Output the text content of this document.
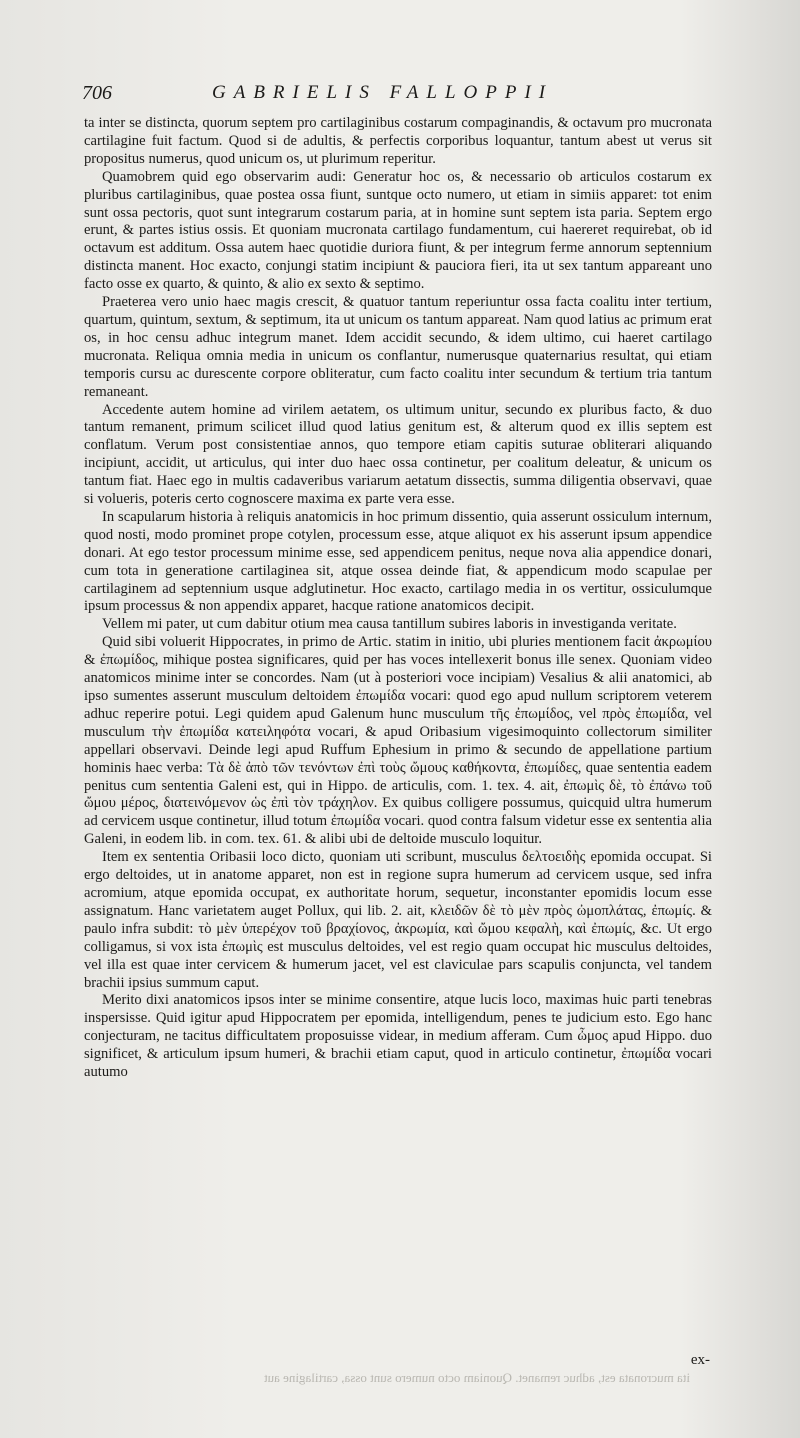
706	GABRIELIS FALLOPPII

ta inter se distincta, quorum septem pro cartilaginibus costarum compaginandis, & octavum pro mucronata cartilagine fuit factum. Quod si de adultis, & perfectis corporibus loquantur, tantum abest ut verus sit propositus numerus, quod unicum os, ut plurimum reperitur.

Quamobrem quid ego observarim audi: Generatur hoc os, & necessario ob articulos costarum ex pluribus cartilaginibus, quae postea ossa fiunt, suntque octo numero, ut etiam in simiis apparet: tot enim sunt ossa pectoris, quot sunt integrarum costarum paria, at in homine sunt septem ista paria. Septem ergo erunt, & partes istius ossis. Et quoniam mucronata cartilago fundamentum, cui haereret requirebat, ob id octavum est additum. Ossa autem haec quotidie duriora fiunt, & per integrum ferme annorum septennium distincta manent. Hoc exacto, conjungi statim incipiunt & pauciora fieri, ita ut sex tantum appareant uno facto osse ex quarto, & quinto, & alio ex sexto & septimo.

Praeterea vero unio haec magis crescit, & quatuor tantum reperiuntur ossa facta coalitu inter tertium, quartum, quintum, sextum, & septimum, ita ut unicum os tantum appareat. Nam quod latius ac primum erat os, in hoc censu adhuc integrum manet. Idem accidit secundo, & idem ultimo, cui haeret cartilago mucronata. Reliqua omnia media in unicum os conflantur, numerusque quaternarius resultat, qui etiam temporis cursu ac durescente corpore obliteratur, cum facto coalitu inter secundum & tertium tria tantum remaneant.

Accedente autem homine ad virilem aetatem, os ultimum unitur, secundo ex pluribus facto, & duo tantum remanent, primum scilicet illud quod latius genitum est, & alterum quod ex illis septem est conflatum. Verum post consistentiae annos, quo tempore etiam capitis suturae obliterari aliquando incipiunt, accidit, ut articulus, qui inter duo haec ossa continetur, per coalitum deleatur, & unicum os tantum fiat. Haec ego in multis cadaveribus variarum aetatum dissectis, summa diligentia observavi, quae si volueris, poteris certo cognoscere maxima ex parte vera esse.

In scapularum historia à reliquis anatomicis in hoc primum dissentio, quia asserunt ossiculum internum, quod nosti, modo prominet prope cotylen, processum esse, atque aliquot ex his asserunt ipsum appendice donari. At ego testor processum minime esse, sed appendicem penitus, neque nova alia appendice donari, cum tota in generatione cartilaginea sit, atque ossea deinde fiat, & appendicum modo scapulae per cartilaginem ad septennium usque adglutinetur. Hoc exacto, cartilago media in os vertitur, ossiculumque ipsum processus & non appendix apparet, hacque ratione anatomicos decipit.

Vellem mi pater, ut cum dabitur otium mea causa tantillum subires laboris in investiganda veritate.

Quid sibi voluerit Hippocrates, in primo de Artic. statim in initio, ubi pluries mentionem facit ἀκρωμίου & ἐπωμίδος, mihique postea significares, quid per has voces intellexerit bonus ille senex. Quoniam video anatomicos minime inter se concordes. Nam (ut à posteriori voce incipiam) Vesalius & alii anatomici, ab ipso sumentes asserunt musculum deltoidem ἐπωμίδα vocari: quod ego apud nullum scriptorem veterem adhuc reperire potui. Legi quidem apud Galenum hunc musculum τῆς ἐπωμίδος, vel πρὸς ἐπωμίδα, vel musculum τὴν ἐπωμίδα κατειληφότα vocari, & apud Oribasium vigesimoquinto collectorum similiter appellari observavi. Deinde legi apud Ruffum Ephesium in primo & secundo de appellatione partium hominis haec verba: Τὰ δὲ ἀπὸ τῶν τενόντων ἐπὶ τοὺς ὤμους καθήκοντα, ἐπωμίδες, quae sententia eadem penitus cum sententia Galeni est, qui in Hippo. de articulis, com. 1. tex. 4. ait, ἐπωμὶς δὲ, τὸ ἐπάνω τοῦ ὤμου μέρος, διατεινόμενον ὡς ἐπὶ τὸν τράχηλον. Ex quibus colligere possumus, quicquid ultra humerum ad cervicem usque continetur, illud totum ἐπωμίδα vocari. quod contra falsum videtur esse ex sententia alia Galeni, in eodem lib. in com. tex. 61. & alibi ubi de deltoide musculo loquitur.

Item ex sententia Oribasii loco dicto, quoniam uti scribunt, musculus δελτοειδὴς epomida occupat. Si ergo deltoides, ut in anatome apparet, non est in regione supra humerum ad cervicem usque, sed infra acromium, atque epomida occupat, ex authoritate horum, sequetur, inconstanter epomidis locum esse assignatum. Hanc varietatem auget Pollux, qui lib. 2. ait, κλειδῶν δὲ τὸ μὲν πρὸς ὠμοπλάτας, ἐπωμίς. & paulo infra subdit: τὸ μὲν ὑπερέχον τοῦ βραχίονος, ἀκρωμία, καὶ ὤμου κεφαλὴ, καὶ ἐπωμίς, &c. Ut ergo colligamus, si vox ista ἐπωμὶς est musculus deltoides, vel est regio quam occupat hic musculus deltoides, vel illa est quae inter cervicem & humerum jacet, vel est claviculae pars scapulis conjuncta, vel tandem brachii ipsius summum caput.

Merito dixi anatomicos ipsos inter se minime consentire, atque lucis loco, maximas huic parti tenebras inspersisse. Quid igitur apud Hippocratem per epomida, intelligendum, penes te judicium esto. Ego hanc conjecturam, ne tacitus difficultatem proposuisse videar, in medium afferam. Cum ὦμος apud Hippo. duo significet, & articulum ipsum humeri, & brachii etiam caput, quod in articulo continetur, ἐπωμίδα vocari autumo

ex-
ita mucronata est, adhuc remanet. Quoniam octo numero sunt ossa, cartilagine aut
